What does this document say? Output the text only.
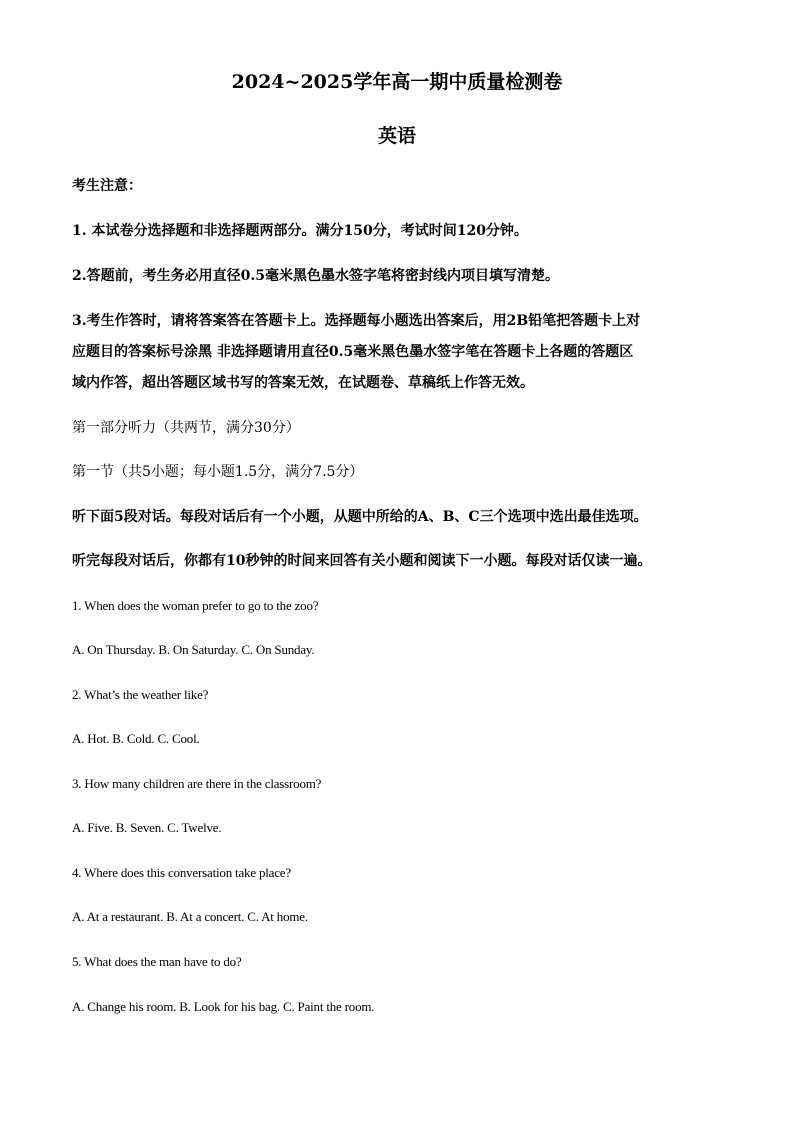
2024~2025学年高一期中质量检测卷
英语
考生注意：
1. 本试卷分选择题和非选择题两部分。满分150分，考试时间120分钟。
2.答题前，考生务必用直径0.5毫米黑色墨水签字笔将密封线内项目填写清楚。
3.考生作答时，请将答案答在答题卡上。选择题每小题选出答案后，用2B铅笔把答题卡上对
应题目的答案标号涂黑 非选择题请用直径0.5毫米黑色墨水签字笔在答题卡上各题的答题区
域内作答，超出答题区域书写的答案无效，在试题卷、草稿纸上作答无效。
第一部分听力（共两节，满分30分）
第一节（共5小题；每小题1.5分，满分7.5分）
听下面5段对话。每段对话后有一个小题，从题中所给的A、B、C三个选项中选出最佳选项。
听完每段对话后，你都有10秒钟的时间来回答有关小题和阅读下一小题。每段对话仅读一遍。
1. When does the woman prefer to go to the zoo?
A. On Thursday. B. On Saturday. C. On Sunday.
2. What’s the weather like?
A. Hot. B. Cold. C. Cool.
3. How many children are there in the classroom?
A. Five. B. Seven. C. Twelve.
4. Where does this conversation take place?
A. At a restaurant. B. At a concert. C. At home.
5. What does the man have to do?
A. Change his room. B. Look for his bag. C. Paint the room.
